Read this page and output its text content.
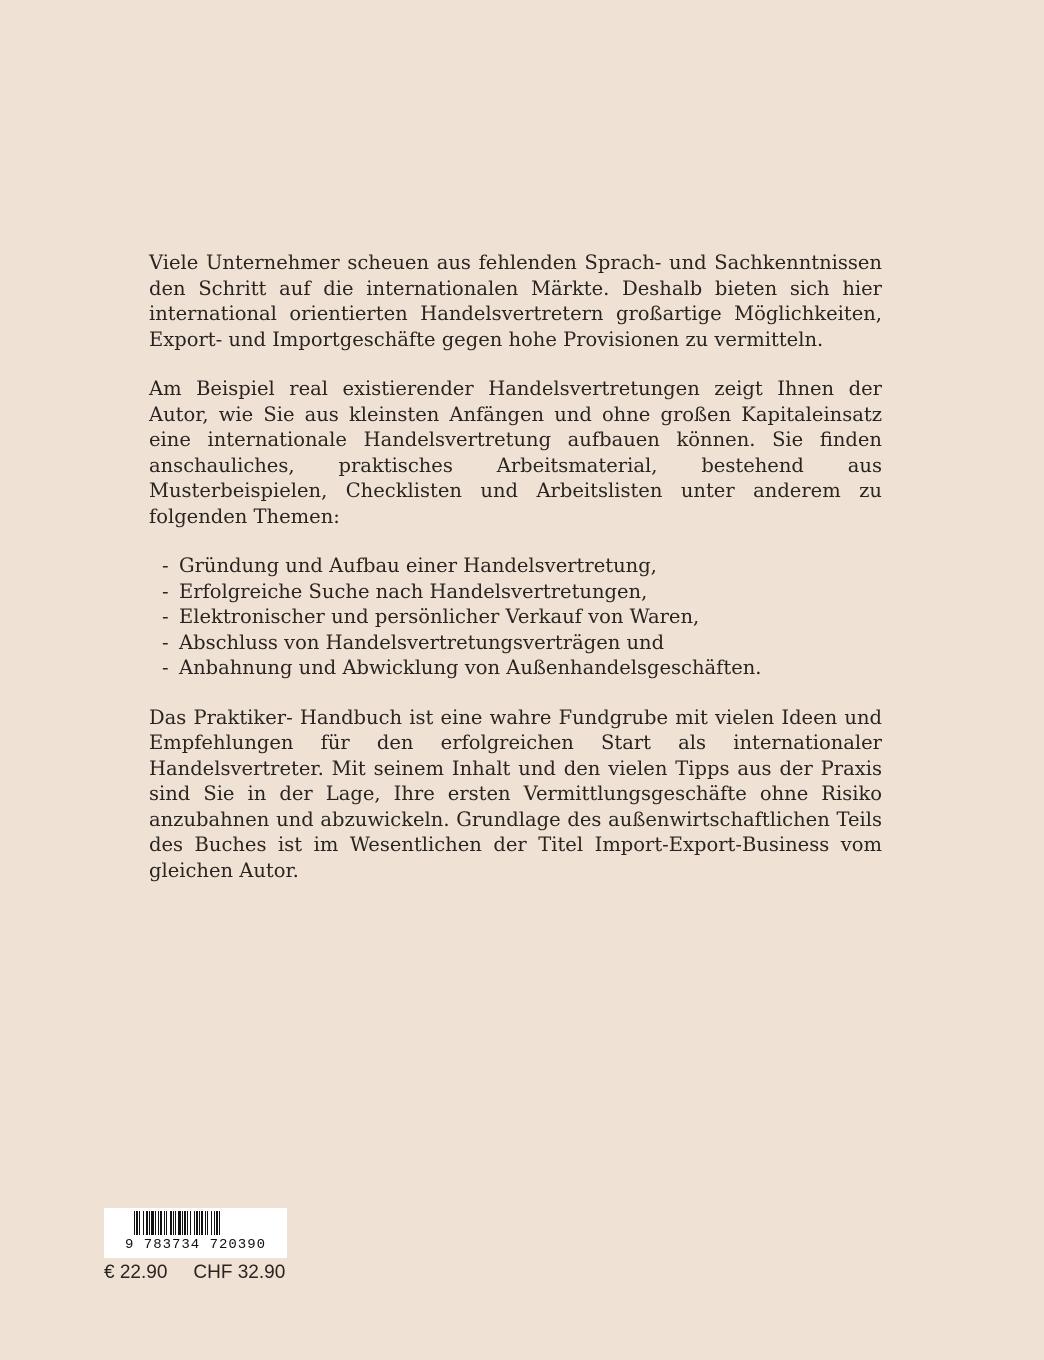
Viele Unternehmer scheuen aus fehlenden Sprach- und Sachkenntnissen den Schritt auf die internationalen Märkte. Deshalb bieten sich hier international orientierten Handelsvertretern großartige Möglichkeiten, Export- und Importgeschäfte gegen hohe Provisionen zu vermitteln.

Am Beispiel real existierender Handelsvertretungen zeigt Ihnen der Autor, wie Sie aus kleinsten Anfängen und ohne großen Kapitaleinsatz eine internationale Handelsvertretung aufbauen können. Sie finden anschauliches, praktisches Arbeitsmaterial, bestehend aus Musterbeispielen, Checklisten und Arbeitslisten unter anderem zu folgenden Themen:

- Gründung und Aufbau einer Handelsvertretung,
- Erfolgreiche Suche nach Handelsvertretungen,
- Elektronischer und persönlicher Verkauf von Waren,
- Abschluss von Handelsvertretungsverträgen und
- Anbahnung und Abwicklung von Außenhandelsgeschäften.

Das Praktiker- Handbuch ist eine wahre Fundgrube mit vielen Ideen und Empfehlungen für den erfolgreichen Start als internationaler Handelsvertreter. Mit seinem Inhalt und den vielen Tipps aus der Praxis sind Sie in der Lage, Ihre ersten Vermittlungsgeschäfte ohne Risiko anzubahnen und abzuwickeln. Grundlage des außenwirtschaftlichen Teils des Buches ist im Wesentlichen der Titel Import-Export-Business vom gleichen Autor.

9 783734 720390
€ 22.90 CHF 32.90
